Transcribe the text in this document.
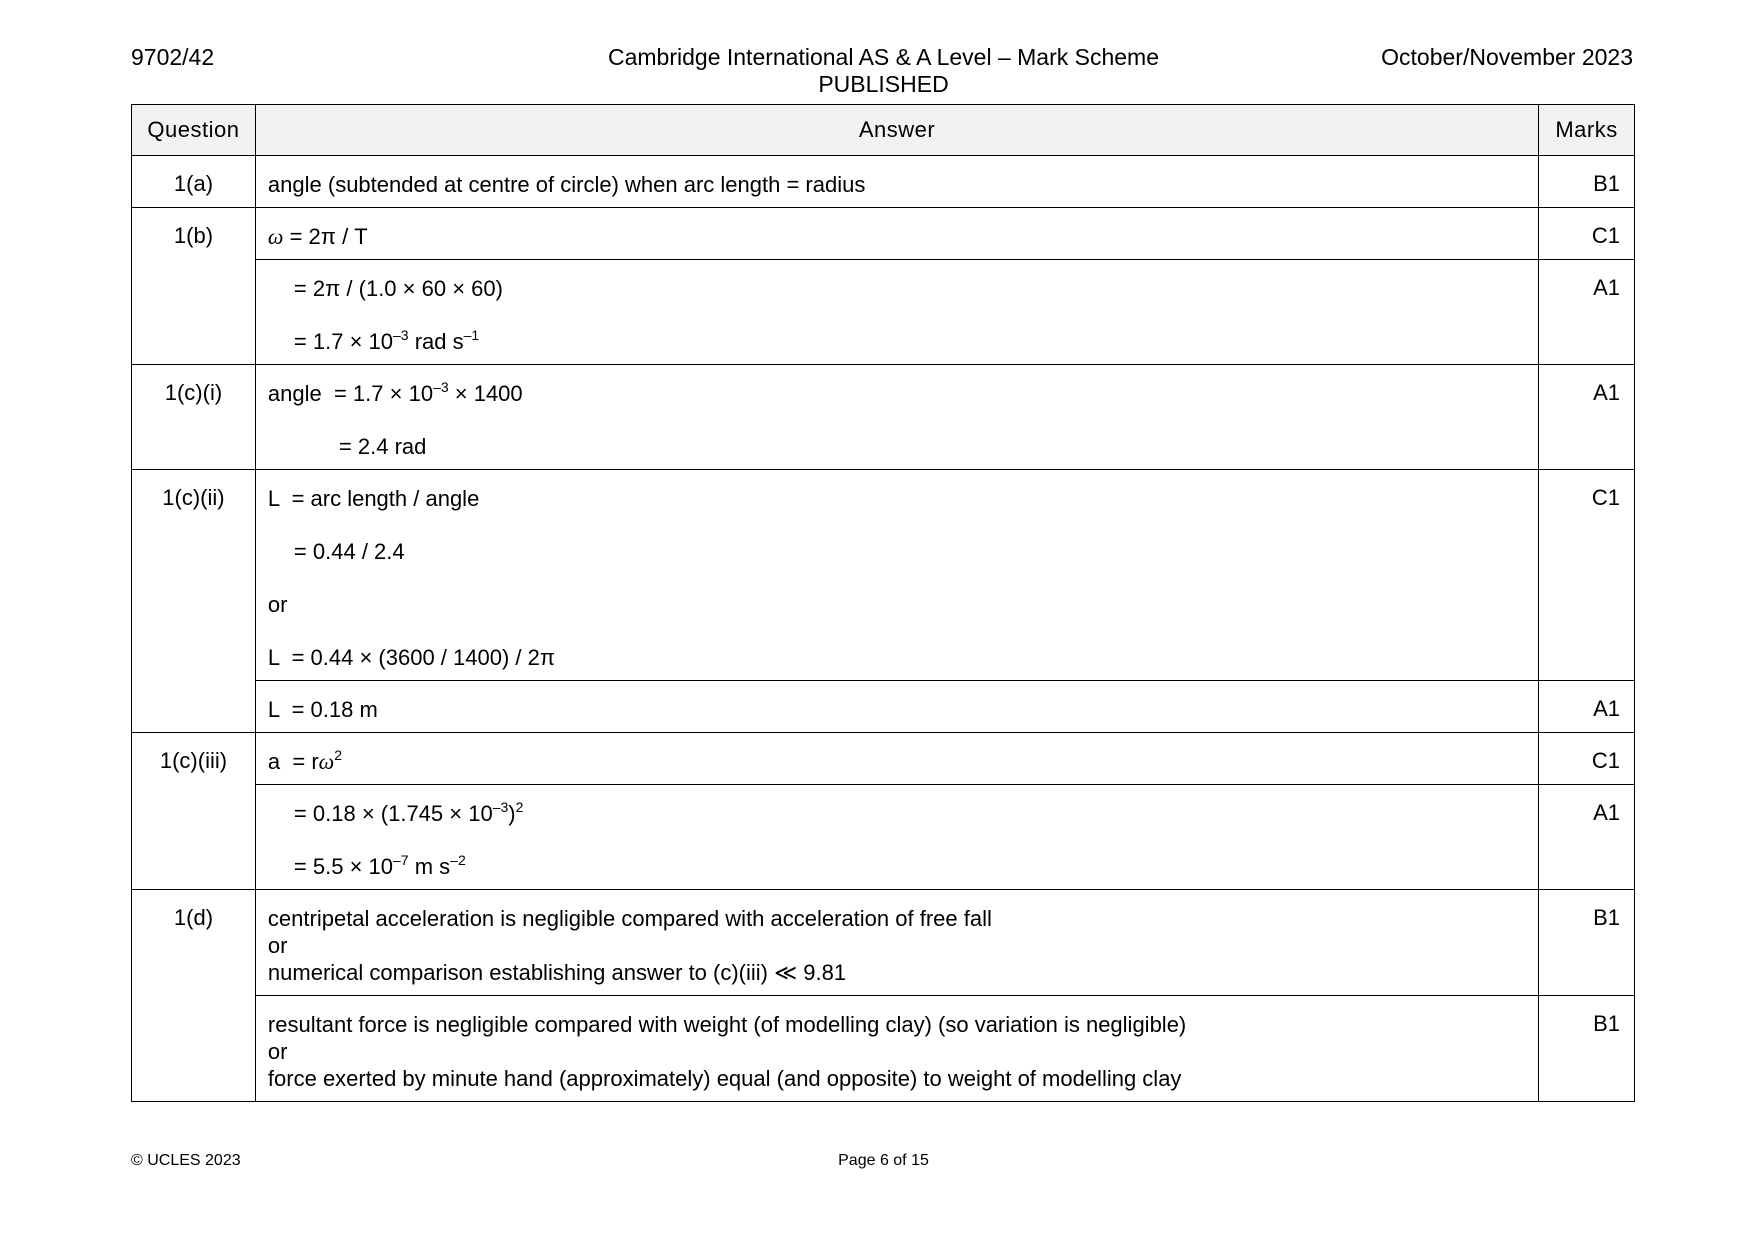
9702/42	Cambridge International AS & A Level – Mark Scheme
PUBLISHED
October/November 2023
Question	Answer	Marks
1(a)	angle (subtended at centre of circle) when arc length = radius	B1
1(b)	ω = 2π / T	C1

	= 2π / (1.0 × 60 × 60)
= $1.7 \times 10^{-3}$ rad $s^{-1}$	A1
1(c)(i)	angle  = $1.7 \times 10^{-3} \times 1400$
= 2.4 rad	A1
1(c)(ii)	L  = arc length / angle
= 0.44 / 2.4
or
L  = 0.44 × (3600 / 1400) / 2π	C1

	L  = 0.18 m	A1
1(c)(iii)	$a = r\omega^2$	C1

	= $0.18 \times (1.745 \times 10^{-3})^2$
= $5.5 \times 10^{-7}$ m $s^{-2}$	A1
1(d)	centripetal acceleration is negligible compared with acceleration of free fall
or
numerical comparison establishing answer to (c)(iii) ≪ 9.81	B1

	resultant force is negligible compared with weight (of modelling clay) (so variation is negligible)
or
force exerted by minute hand (approximately) equal (and opposite) to weight of modelling clay	B1
© UCLES 2023	Page 6 of 15
